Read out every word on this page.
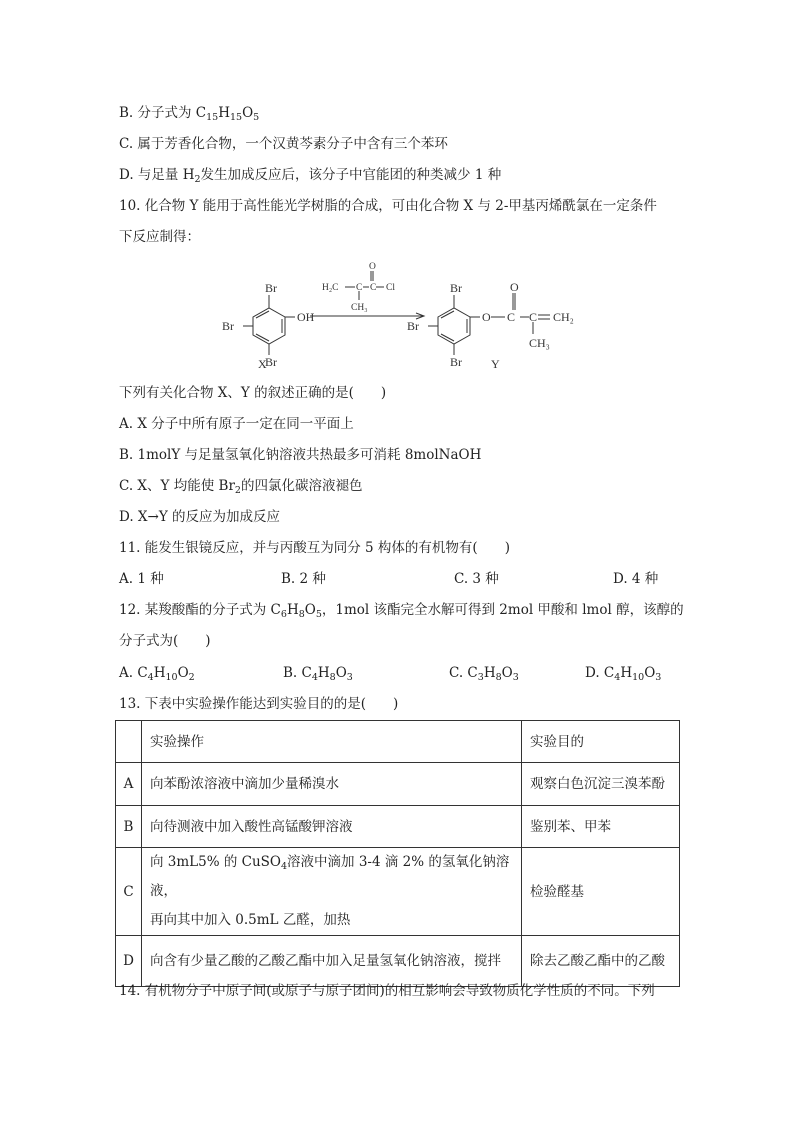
B. 分子式为 $C_{15}H_{15}O_5$
C. 属于芳香化合物，一个汉黄芩素分子中含有三个苯环
D. 与足量 $H_2$发生加成反应后，该分子中官能团的种类减少 1 种
10. 化合物 Y 能用于高性能光学树脂的合成，可由化合物 X 与 2-甲基丙烯酰氯在一定条件
下反应制得：
Br
Br
Br
OH
X
Br
Br
Br
O C
O
C CH₂
CH₃
Y
H₂C C C Cl
O
CH₃
下列有关化合物 X、Y 的叙述正确的是(　　)
A. X 分子中所有原子一定在同一平面上
B. 1molY 与足量氢氧化钠溶液共热最多可消耗 8molNaOH
C. X、Y 均能使 $Br_2$的四氯化碳溶液褪色
D. X→Y 的反应为加成反应
11. 能发生银镜反应，并与丙酸互为同分 5 构体的有机物有(　　)
A. 1 种	B. 2 种	C. 3 种	D. 4 种
12. 某羧酸酯的分子式为 $C_6H_8O_5$，1mol 该酯完全水解可得到 2mol 甲酸和 lmol 醇，该醇的
分子式为(　　)
A. $C_4H_{10}O_2$	B. $C_4H_8O_3$	C. $C_3H_8O_3$	D. $C_4H_{10}O_3$
13. 下表中实验操作能达到实验目的的是(　　)
	实验操作	实验目的
A	向苯酚浓溶液中滴加少量稀溴水	观察白色沉淀三溴苯酚
B	向待测液中加入酸性高锰酸钾溶液	鉴别苯、甲苯
C	向 3mL5% 的 CuSO$_4$溶液中滴加 3-4 滴 2% 的氢氧化钠溶液，
再向其中加入 0.5mL 乙醛，加热	检验醛基
D	向含有少量乙酸的乙酸乙酯中加入足量氢氧化钠溶液，搅拌	除去乙酸乙酯中的乙酸
14. 有机物分子中原子间(或原子与原子团间)的相互影响会导致物质化学性质的不同。下列
